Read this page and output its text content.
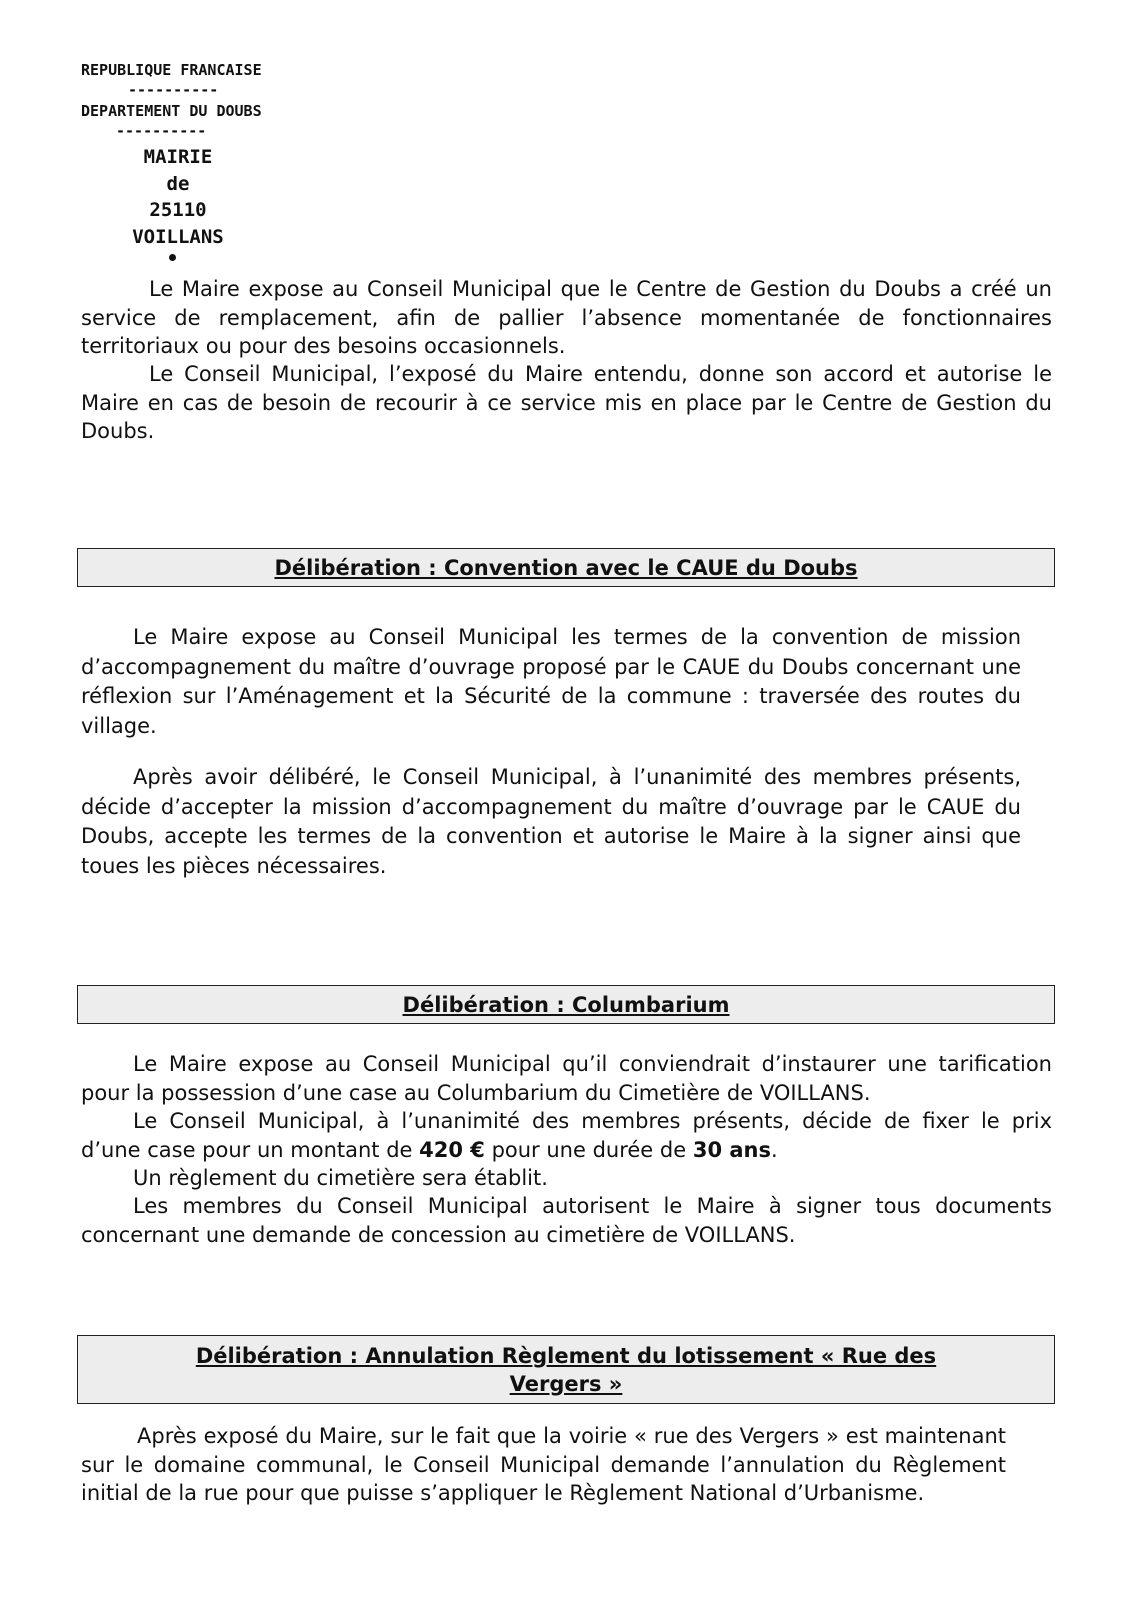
REPUBLIQUE FRANCAISE
----------
DEPARTEMENT DU DOUBS
----------
MAIRIE
de
25110
VOILLANS

Le Maire expose au Conseil Municipal que le Centre de Gestion du Doubs a créé un service de remplacement, afin de pallier l’absence momentanée de fonctionnaires territoriaux ou pour des besoins occasionnels.

Le Conseil Municipal, l’exposé du Maire entendu, donne son accord et autorise le Maire en cas de besoin de recourir à ce service mis en place par le Centre de Gestion du Doubs.

Délibération : Convention avec le CAUE du Doubs

Le Maire expose au Conseil Municipal les termes de la convention de mission d’accompagnement du maître d’ouvrage proposé par le CAUE du Doubs concernant une réflexion sur l’Aménagement et la Sécurité de la commune : traversée des routes du village.

Après avoir délibéré, le Conseil Municipal, à l’unanimité des membres présents, décide d’accepter la mission d’accompagnement du maître d’ouvrage par le CAUE du Doubs, accepte les termes de la convention et autorise le Maire à la signer ainsi que toues les pièces nécessaires.

Délibération : Columbarium

Le Maire expose au Conseil Municipal qu’il conviendrait d’instaurer une tarification pour la possession d’une case au Columbarium du Cimetière de VOILLANS.

Le Conseil Municipal, à l’unanimité des membres présents, décide de fixer le prix d’une case pour un montant de 420 € pour une durée de 30 ans.

Un règlement du cimetière sera établit.

Les membres du Conseil Municipal autorisent le Maire à signer tous documents concernant une demande de concession au cimetière de VOILLANS.

Délibération : Annulation Règlement du lotissement « Rue des
Vergers »

Après exposé du Maire, sur le fait que la voirie « rue des Vergers » est maintenant sur le domaine communal, le Conseil Municipal demande l’annulation du Règlement initial de la rue pour que puisse s’appliquer le Règlement National d’Urbanisme.
